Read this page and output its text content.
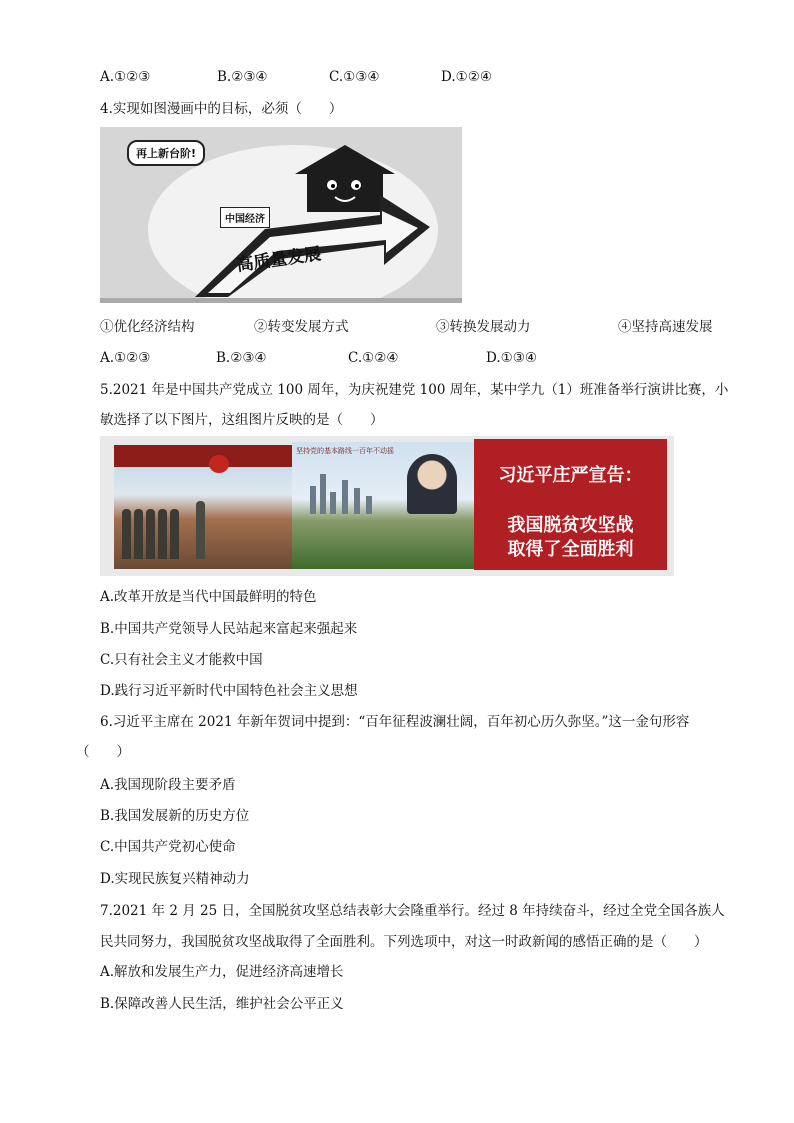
A.①②③	B.②③④	C.①③④	D.①②④
4.实现如图漫画中的目标，必须（　　）
再上新台阶!
中国经济
高质量发展
①优化经济结构	②转变发展方式	③转换发展动力	④坚持高速发展
A.①②③	B.②③④	C.①②④	D.①③④
5.2021 年是中国共产党成立 100 周年，为庆祝建党 100 周年，某中学九（1）班准备举行演讲比赛，小
敏选择了以下图片，这组图片反映的是（　　）
坚持党的基本路线一百年不动摇
习近平庄严宣告：
我国脱贫攻坚战
取得了全面胜利
A.改革开放是当代中国最鲜明的特色
B.中国共产党领导人民站起来富起来强起来
C.只有社会主义才能救中国
D.践行习近平新时代中国特色社会主义思想
6.习近平主席在 2021 年新年贺词中提到：“百年征程波澜壮阔，百年初心历久弥坚。”这一金句形容
（　　）
A.我国现阶段主要矛盾
B.我国发展新的历史方位
C.中国共产党初心使命
D.实现民族复兴精神动力
7.2021 年 2 月 25 日，全国脱贫攻坚总结表彰大会隆重举行。经过 8 年持续奋斗，经过全党全国各族人
民共同努力，我国脱贫攻坚战取得了全面胜利。下列选项中，对这一时政新闻的感悟正确的是（　　）
A.解放和发展生产力，促进经济高速增长
B.保障改善人民生活，维护社会公平正义
